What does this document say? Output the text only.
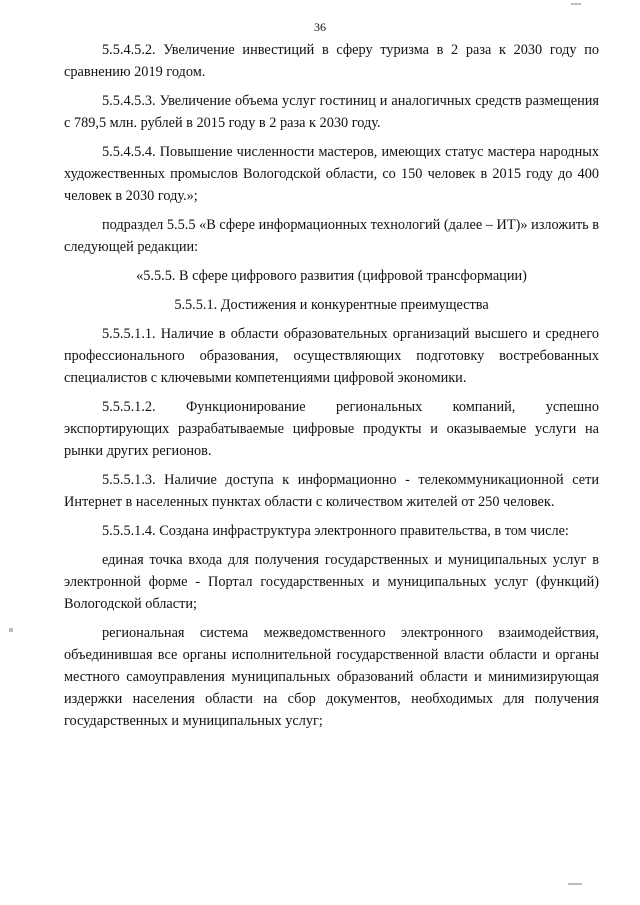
36

5.5.4.5.2. Увеличение инвестиций в сферу туризма в 2 раза к 2030 году по сравнению 2019 годом.

5.5.4.5.3. Увеличение объема услуг гостиниц и аналогичных средств размещения с 789,5 млн. рублей в 2015 году в 2 раза к 2030 году.

5.5.4.5.4. Повышение численности мастеров, имеющих статус мастера народных художественных промыслов Вологодской области, со 150 человек в 2015 году до 400 человек в 2030 году.»;

подраздел 5.5.5 «В сфере информационных технологий (далее – ИТ)» изложить в следующей редакции:

«5.5.5. В сфере цифрового развития (цифровой трансформации)

5.5.5.1. Достижения и конкурентные преимущества

5.5.5.1.1. Наличие в области образовательных организаций высшего и среднего профессионального образования, осуществляющих подготовку востребованных специалистов с ключевыми компетенциями цифровой экономики.

5.5.5.1.2. Функционирование региональных компаний, успешно экспортирующих разрабатываемые цифровые продукты и оказываемые услуги на рынки других регионов.

5.5.5.1.3. Наличие доступа к информационно - телекоммуникационной сети Интернет в населенных пунктах области с количеством жителей от 250 человек.

5.5.5.1.4. Создана инфраструктура электронного правительства, в том числе:

единая точка входа для получения государственных и муниципальных услуг в электронной форме - Портал государственных и муниципальных услуг (функций) Вологодской области;

региональная система межведомственного электронного взаимодействия, объединившая все органы исполнительной государственной власти области и органы местного самоуправления муниципальных образований области и минимизирующая издержки населения области на сбор документов, необходимых для получения государственных и муниципальных услуг;
